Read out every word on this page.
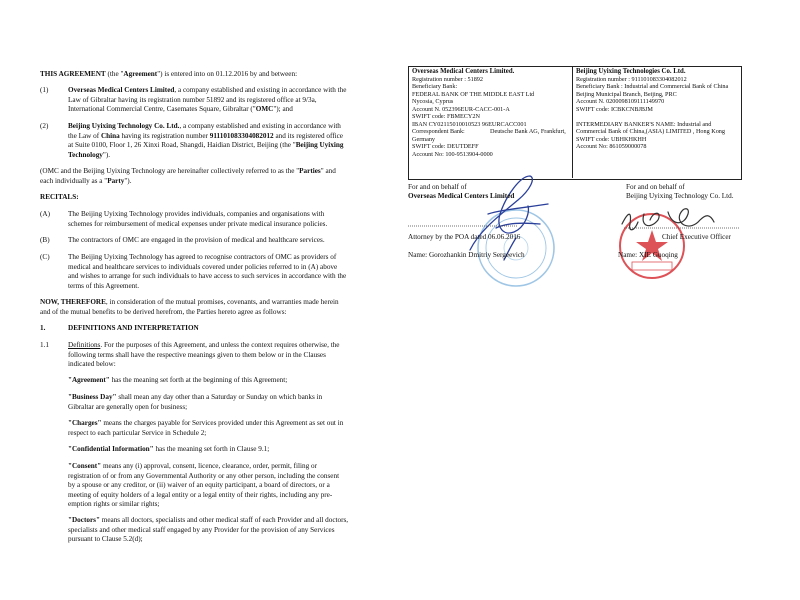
THIS AGREEMENT (the "Agreement") is entered into on 01.12.2016 by and between:
(1)	Overseas Medical Centers Limited, a company established and existing in accordance with the
Law of Gibraltar having its registration number 51892 and its registered office at 9/3a,
International Commercial Centre, Casemates Square, Gibraltar ("OMC"); and
(2)	Beijing Uyixing Technology Co. Ltd., a company established and existing in accordance with
the Law of China having its registration number 911101083304082012 and its registered office
at Suite 0100, Floor 1, 26 Xinxi Road, Shangdi, Haidian District, Beijing (the "Beijing Uyixing
Technology").
(OMC and the Beijing Uyixing Technology are hereinafter collectively referred to as the "Parties" and
each individually as a "Party").
RECITALS:
(A)	The Beijing Uyixing Technology provides individuals, companies and organisations with
schemes for reimbursement of medical expenses under private medical insurance policies.
(B)	The contractors of OMC are engaged in the provision of medical and healthcare services.
(C)	The Beijing Uyixing Technology has agreed to recognise contractors of OMC as providers of
medical and healthcare services to individuals covered under policies referred to in (A) above
and wishes to arrange for such individuals to have access to such services in accordance with the
terms of this Agreement.
NOW, THEREFORE, in consideration of the mutual promises, covenants, and warranties made herein
and of the mutual benefits to be derived herefrom, the Parties hereto agree as follows:
1.	DEFINITIONS AND INTERPRETATION
1.1	Definitions. For the purposes of this Agreement, and unless the context requires otherwise, the
following terms shall have the respective meanings given to them below or in the Clauses
indicated below:
"Agreement" has the meaning set forth at the beginning of this Agreement;
"Business Day" shall mean any day other than a Saturday or Sunday on which banks in
Gibraltar are generally open for business;
"Charges" means the charges payable for Services provided under this Agreement as set out in
respect to each particular Service in Schedule 2;
"Confidential Information" has the meaning set forth in Clause 9.1;
"Consent" means any (i) approval, consent, licence, clearance, order, permit, filing or
registration of or from any Governmental Authority or any other person, including the consent
by a spouse or any creditor, or (ii) waiver of an equity participant, a board of directors, or a
meeting of equity holders of a legal entity or a legal entity of their rights, including any pre-
emption rights or similar rights;
"Doctors" means all doctors, specialists and other medical staff of each Provider and all doctors,
specialists and other medical staff engaged by any Provider for the provision of any Services
pursuant to Clause 5.2(d);
Overseas Medical Centers Limited.
Registration number : 51892
Beneficiary Bank:
FEDERAL BANK OF THE MIDDLE EAST Ltd
Nycosia, Cyprus
Account N. 052396EUR-CACC-001-A
SWIFT code: FBMECY2N
IBAN CY02115010010523 96EURCACC001
Correspondent Bank:	Deutsche Bank AG, Frankfurt,
Germany
SWIFT code: DEUTDEFF
Account No: 100-9513904-0000
Beijing Uyixing Technologies Co. Ltd.
Registration number : 911101083304082012
Beneficiary Bank : Industrial and Commercial Bank of China
Beijing Municipal Branch, Beijing, PRC
Account N. 0200098109111149970
SWIFT code: ICBKCNBJBJM
INTERMEDIARY BANKER'S NAME: Industrial and
Commercial Bank of China,(ASIA) LIMITED , Hong Kong
SWIFT code: UBHKHKHH
Account No: 861059000078
For and on behalf of
Overseas Medical Centers Limited
Attorney by the POA dated 06.06.2016
Name: Gorozhankin Dmitriy Sergeevich
For and on behalf of
Beijing Uyixing Technology Co. Ltd.
Chief Executive Officer
Name: XIE Guoqing
